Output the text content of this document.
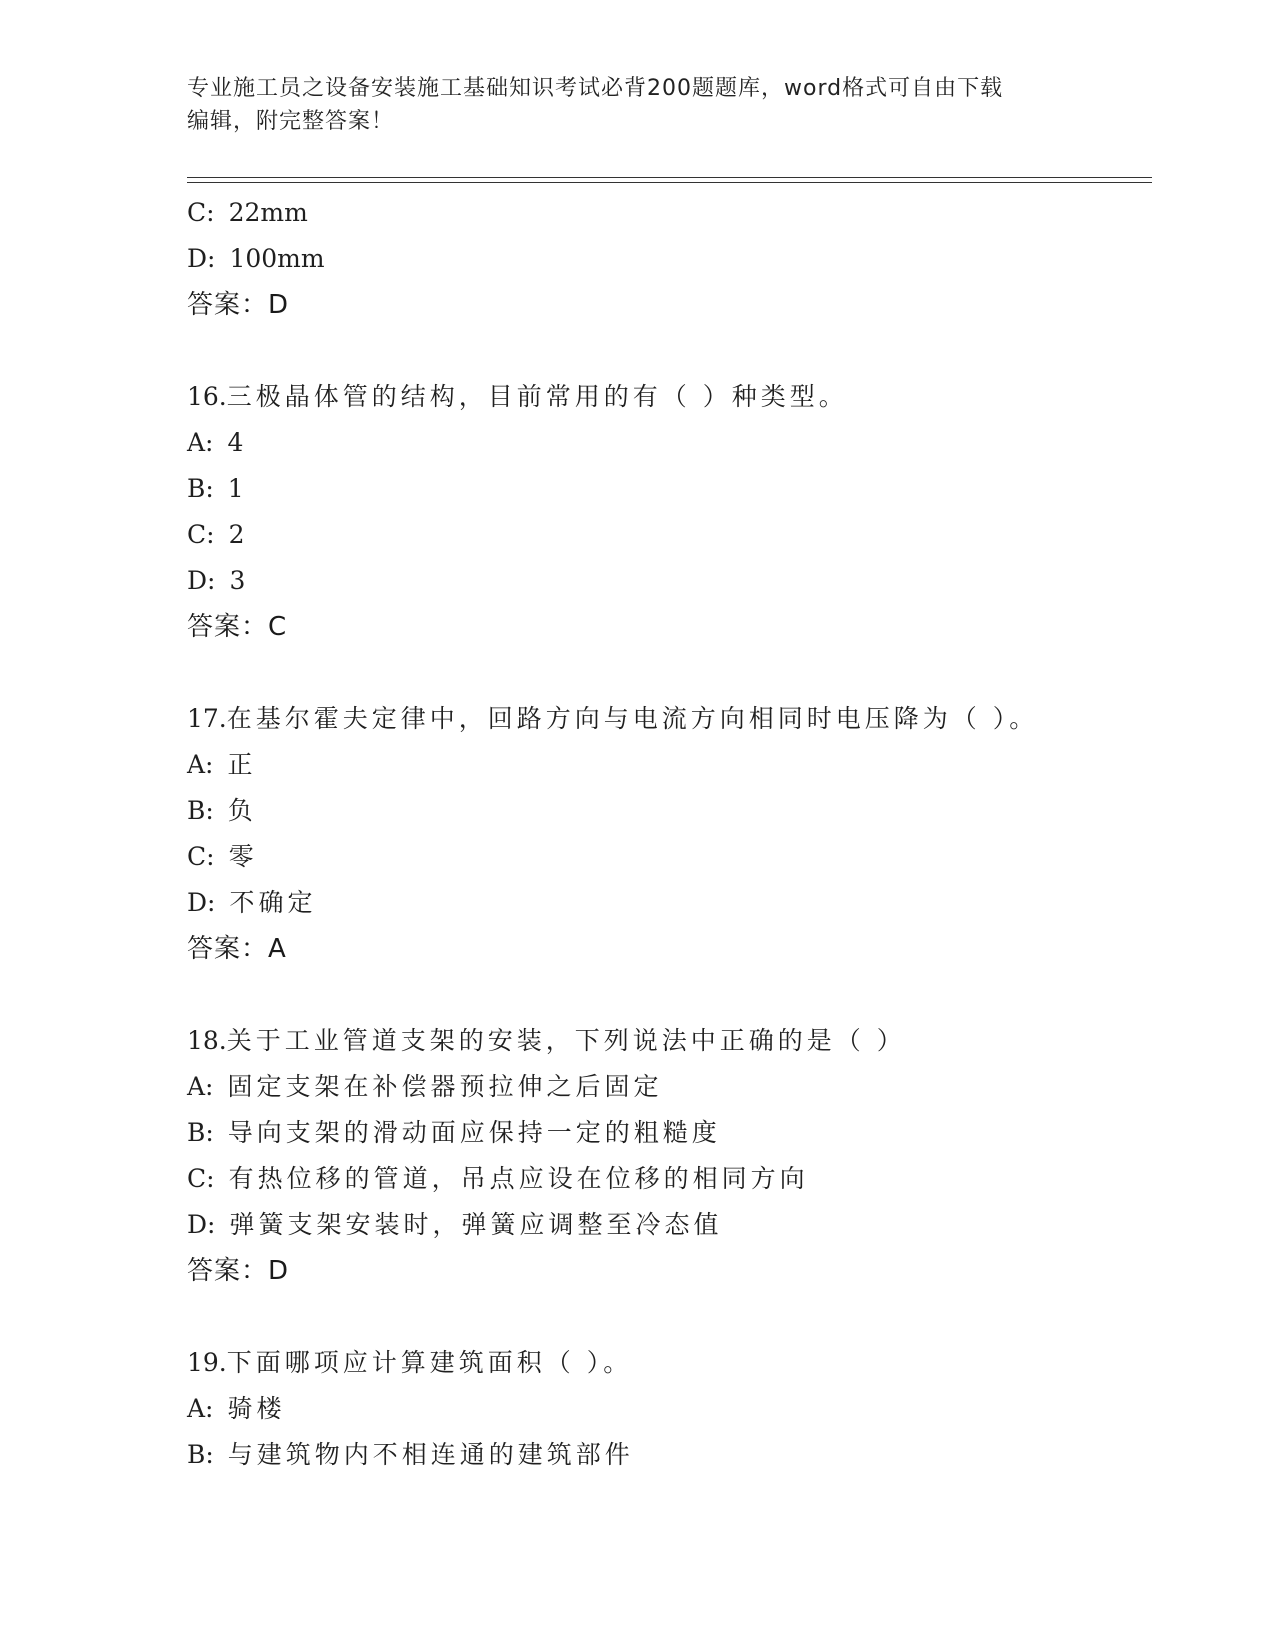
专业施工员之设备安装施工基础知识考试必背200题题库，word格式可自由下载
编辑，附完整答案！
C: 22mm
D: 100mm
答案：D
16.三极晶体管的结构，目前常用的有（ ）种类型。
A: 4
B: 1
C: 2
D: 3
答案：C
17.在基尔霍夫定律中，回路方向与电流方向相同时电压降为（ ）。
A: 正
B: 负
C: 零
D: 不确定
答案：A
18.关于工业管道支架的安装，下列说法中正确的是（ ）
A: 固定支架在补偿器预拉伸之后固定
B: 导向支架的滑动面应保持一定的粗糙度
C: 有热位移的管道，吊点应设在位移的相同方向
D: 弹簧支架安装时，弹簧应调整至冷态值
答案：D
19.下面哪项应计算建筑面积（ ）。
A: 骑楼
B: 与建筑物内不相连通的建筑部件
